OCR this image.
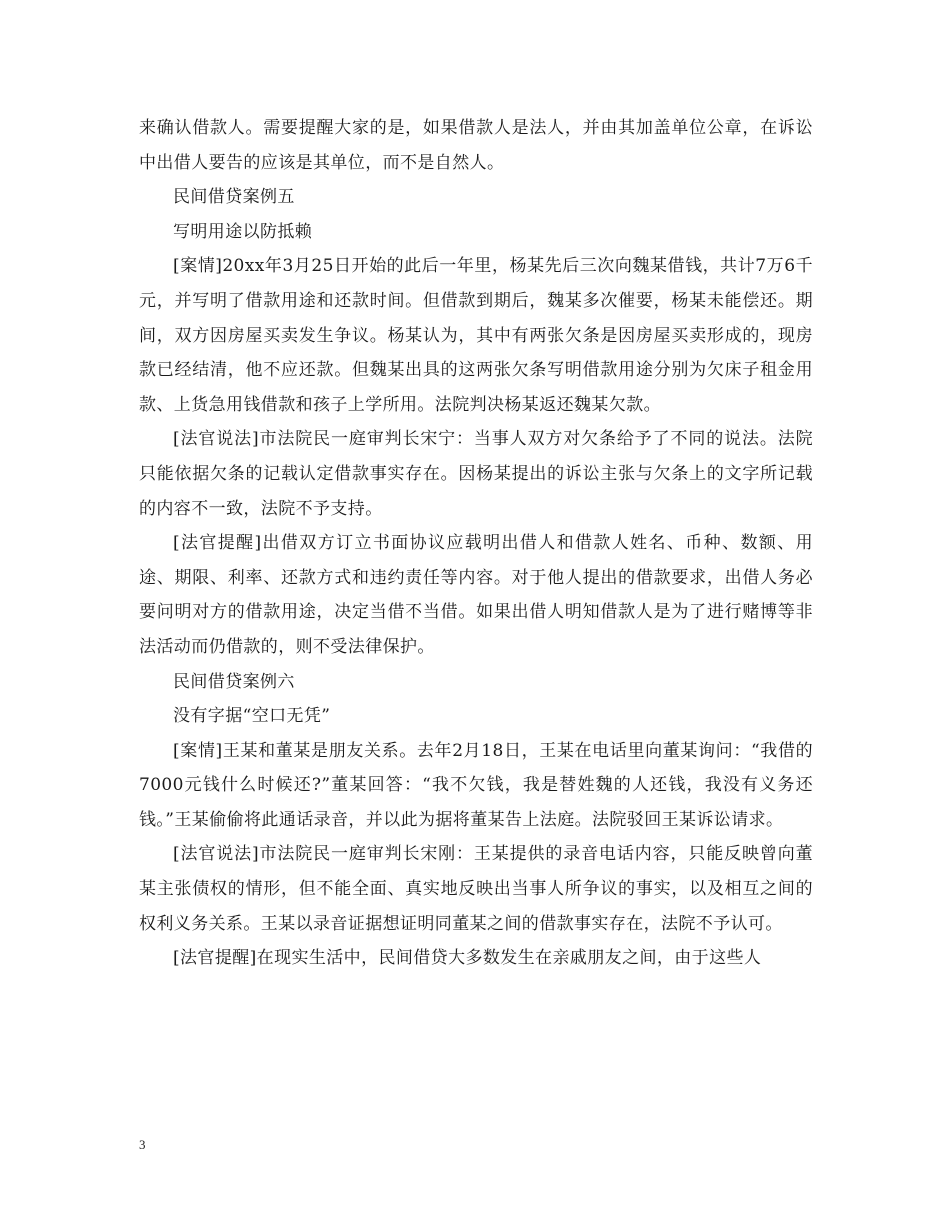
来确认借款人。需要提醒大家的是，如果借款人是法人，并由其加盖单位公章，在诉讼中出借人要告的应该是其单位，而不是自然人。

民间借贷案例五

写明用途以防抵赖

[案情]20xx年3月25日开始的此后一年里，杨某先后三次向魏某借钱，共计7万6千元，并写明了借款用途和还款时间。但借款到期后，魏某多次催要，杨某未能偿还。期间，双方因房屋买卖发生争议。杨某认为，其中有两张欠条是因房屋买卖形成的，现房款已经结清，他不应还款。但魏某出具的这两张欠条写明借款用途分别为欠床子租金用款、上货急用钱借款和孩子上学所用。法院判决杨某返还魏某欠款。

[法官说法]市法院民一庭审判长宋宁：当事人双方对欠条给予了不同的说法。法院只能依据欠条的记载认定借款事实存在。因杨某提出的诉讼主张与欠条上的文字所记载的内容不一致，法院不予支持。

[法官提醒]出借双方订立书面协议应载明出借人和借款人姓名、币种、数额、用途、期限、利率、还款方式和违约责任等内容。对于他人提出的借款要求，出借人务必要问明对方的借款用途，决定当借不当借。如果出借人明知借款人是为了进行赌博等非法活动而仍借款的，则不受法律保护。

民间借贷案例六

没有字据“空口无凭”

[案情]王某和董某是朋友关系。去年2月18日，王某在电话里向董某询问：“我借的7000元钱什么时候还?”董某回答：“我不欠钱，我是替姓魏的人还钱，我没有义务还钱。”王某偷偷将此通话录音，并以此为据将董某告上法庭。法院驳回王某诉讼请求。

[法官说法]市法院民一庭审判长宋刚：王某提供的录音电话内容，只能反映曾向董某主张债权的情形，但不能全面、真实地反映出当事人所争议的事实，以及相互之间的权利义务关系。王某以录音证据想证明同董某之间的借款事实存在，法院不予认可。

[法官提醒]在现实生活中，民间借贷大多数发生在亲戚朋友之间，由于这些人

3
